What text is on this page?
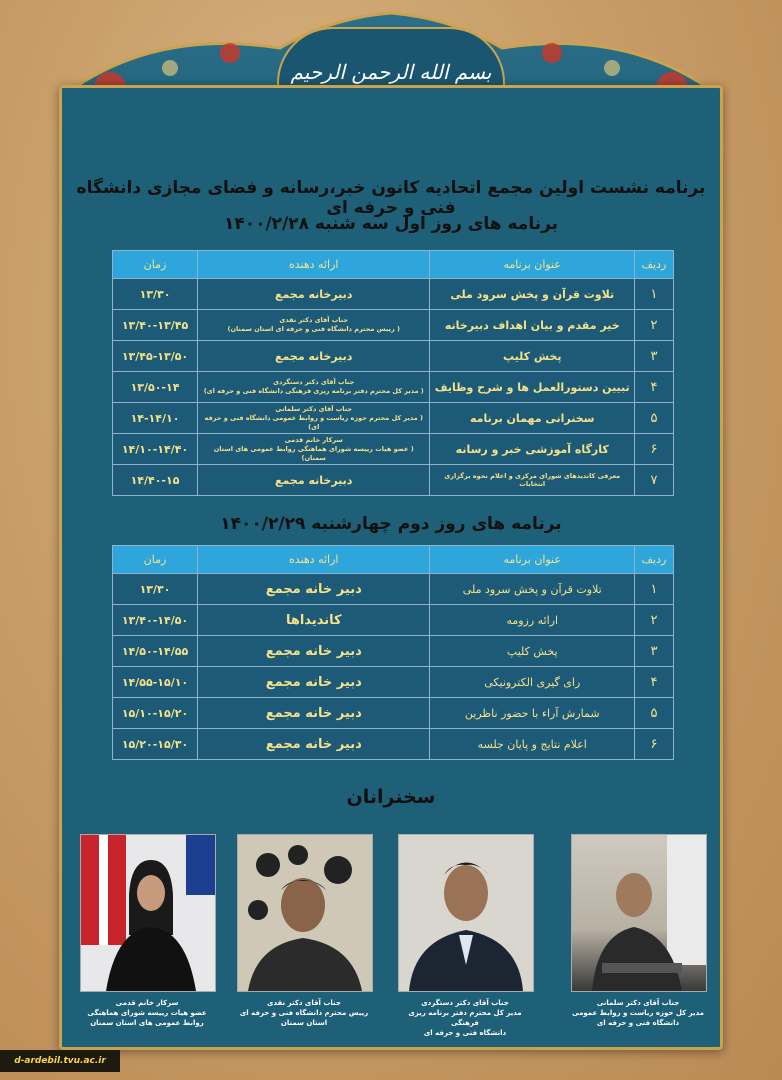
بسم الله الرحمن الرحیم
برنامه نشست اولین مجمع اتحادیه کانون خبر،رسانه و فضای مجازی دانشگاه فنی و حرفه ای
برنامه های روز اول سه شنبه ۱۴۰۰/۲/۲۸
ردیف	عنوان برنامه	ارائه دهنده	زمان
۱	تلاوت قرآن و پخش سرود ملی	دبیرخانه مجمع	۱۳/۳۰
۲	خیر مقدم و بیان اهداف دبیرخانه	جناب آقای دکتر نقدی
( رییس محترم دانشگاه فنی و حرفه ای استان سمنان)	۱۳/۴۰-۱۳/۴۵
۳	پخش کلیپ	دبیرخانه مجمع	۱۳/۴۵-۱۳/۵۰
۴	تبیین دستورالعمل ها و شرح وظایف	جناب آقای دکتر دستگردی
( مدیر کل محترم دفتر برنامه ریزی فرهنگی دانشگاه فنی و حرفه ای)	۱۳/۵۰-۱۴
۵	سخنرانی مهمان برنامه	جناب آقای دکتر سلمانی
( مدیر کل محترم حوزه ریاست و روابط عمومی دانشگاه فنی و حرفه ای)	۱۴-۱۴/۱۰
۶	کارگاه آموزشی خبر و رسانه	سرکار خانم قدمی
( عضو هیات رییسه شورای هماهنگی روابط عمومی های استان سمنان)	۱۴/۱۰-۱۴/۴۰
۷	معرفی کاندیدهای شورای مرکزی و اعلام نحوه برگزاری انتخابات	دبیرخانه مجمع	۱۴/۴۰-۱۵
برنامه های روز دوم چهارشنبه ۱۴۰۰/۲/۲۹
ردیف	عنوان برنامه	ارائه دهنده	زمان
۱	تلاوت قرآن و پخش سرود ملی	دبیر خانه مجمع	۱۳/۳۰
۲	ارائه رزومه	کاندیداها	۱۳/۴۰-۱۴/۵۰
۳	پخش کلیپ	دبیر خانه مجمع	۱۴/۵۰-۱۴/۵۵
۴	رای گیری الکترونیکی	دبیر خانه مجمع	۱۴/۵۵-۱۵/۱۰
۵	شمارش آراء با حضور ناظرین	دبیر خانه مجمع	۱۵/۱۰-۱۵/۲۰
۶	اعلام نتایج و پایان جلسه	دبیر خانه مجمع	۱۵/۲۰-۱۵/۳۰
سخنرانان
جناب آقای دکتر سلمانی
مدیر کل حوزه ریاست و روابط عمومی
دانشگاه فنی و حرفه ای
جناب آقای دکتر دستگردی
مدیر کل محترم دفتر برنامه ریزی فرهنگی
دانشگاه فنی و حرفه ای
جناب آقای دکتر نقدی
رییس محترم دانشگاه فنی و حرفه ای
استان سمنان
سرکار خانم قدمی
عضو هیات رییسه شورای هماهنگی
روابط عمومی های استان سمنان
d-ardebil.tvu.ac.ir
